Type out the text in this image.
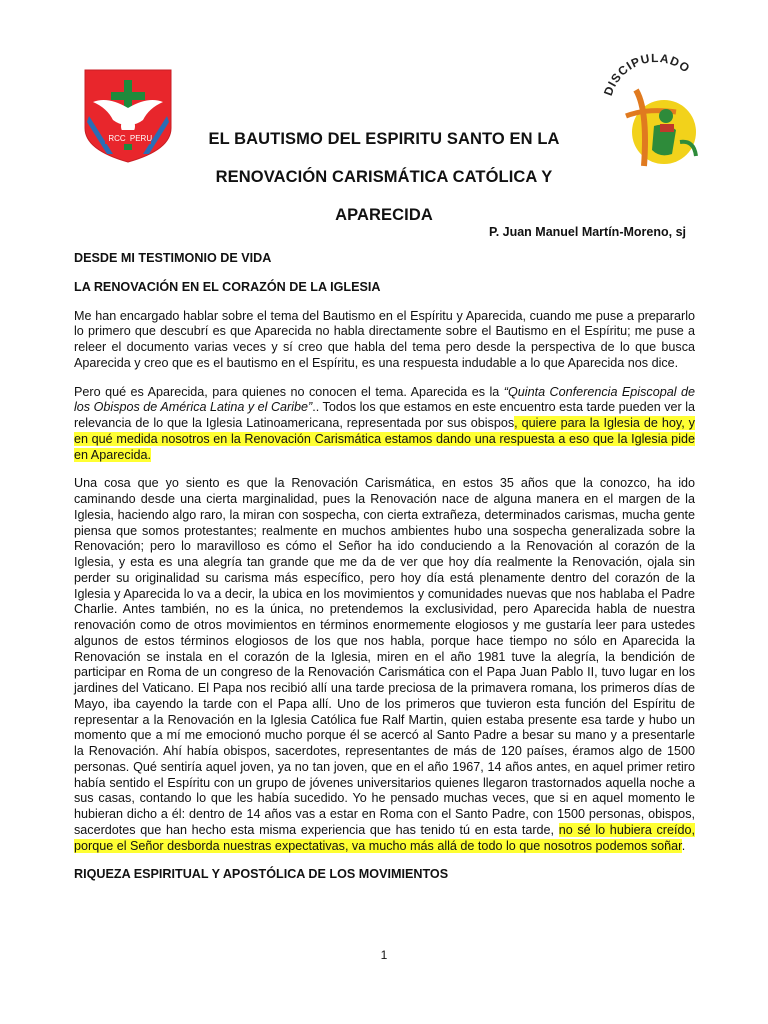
RCC PERU
DISCIPULADO
EL BAUTISMO DEL ESPIRITU SANTO EN LA
RENOVACIÓN CARISMÁTICA CATÓLICA Y
APARECIDA
P. Juan Manuel Martín-Moreno, sj

DESDE MI TESTIMONIO DE VIDA

LA RENOVACIÓN EN EL CORAZÓN DE LA IGLESIA

Me han encargado hablar sobre el tema del Bautismo en el Espíritu y Aparecida, cuando me puse a prepararlo lo primero que descubrí es que Aparecida no habla directamente sobre el Bautismo en el Espíritu; me puse a releer el documento varias veces y sí creo que habla del tema pero desde la perspectiva de lo que busca Aparecida y creo que es el bautismo en el Espíritu, es una respuesta indudable a lo que Aparecida nos dice.

Pero qué es Aparecida, para quienes no conocen el tema. Aparecida es la “Quinta Conferencia Episcopal de los Obispos de América Latina y el Caribe”.. Todos los que estamos en este encuentro esta tarde pueden ver la relevancia de lo que la Iglesia Latinoamericana, representada por sus obispos, quiere para la Iglesia de hoy, y en qué medida nosotros en la Renovación Carismática estamos dando una respuesta a eso que la Iglesia pide en Aparecida.

Una cosa que yo siento es que la Renovación Carismática, en estos 35 años que la conozco, ha ido caminando desde una cierta marginalidad, pues la Renovación nace de alguna manera en el margen de la Iglesia, haciendo algo raro, la miran con sospecha, con cierta extrañeza, determinados carismas, mucha gente piensa que somos protestantes; realmente en muchos ambientes hubo una sospecha generalizada sobre la Renovación; pero lo maravilloso es cómo el Señor ha ido conduciendo a la Renovación al corazón de la Iglesia, y esta es una alegría tan grande que me da de ver que hoy día realmente la Renovación, ojala sin perder su originalidad su carisma más específico, pero hoy día está plenamente dentro del corazón de la Iglesia y Aparecida lo va a decir, la ubica en los movimientos y comunidades nuevas que nos hablaba el Padre Charlie. Antes también, no es la única, no pretendemos la exclusividad, pero Aparecida habla de nuestra renovación como de otros movimientos en términos enormemente elogiosos y me gustaría leer para ustedes algunos de estos términos elogiosos de los que nos habla, porque hace tiempo no sólo en Aparecida la Renovación se instala en el corazón de la Iglesia, miren en el año 1981 tuve la alegría, la bendición de participar en Roma de un congreso de la Renovación Carismática con el Papa Juan Pablo II, tuvo lugar en los jardines del Vaticano. El Papa nos recibió allí una tarde preciosa de la primavera romana, los primeros días de Mayo, iba cayendo la tarde con el Papa allí. Uno de los primeros que tuvieron esta función del Espíritu de representar a la Renovación en la Iglesia Católica fue Ralf Martin, quien estaba presente esa tarde y hubo un momento que a mí me emocionó mucho porque él se acercó al Santo Padre a besar su mano y a presentarle la Renovación. Ahí había obispos, sacerdotes, representantes de más de 120 países, éramos algo de 1500 personas. Qué sentiría aquel joven, ya no tan joven, que en el año 1967, 14 años antes, en aquel primer retiro había sentido el Espíritu con un grupo de jóvenes universitarios quienes llegaron trastornados aquella noche a sus casas, contando lo que les había sucedido. Yo he pensado muchas veces, que si en aquel momento le hubieran dicho a él: dentro de 14 años vas a estar en Roma con el Santo Padre, con 1500 personas, obispos, sacerdotes que han hecho esta misma experiencia que has tenido tú en esta tarde, no sé lo hubiera creído, porque el Señor desborda nuestras expectativas, va mucho más allá de todo lo que nosotros podemos soñar.

RIQUEZA ESPIRITUAL Y APOSTÓLICA DE LOS MOVIMIENTOS

1
